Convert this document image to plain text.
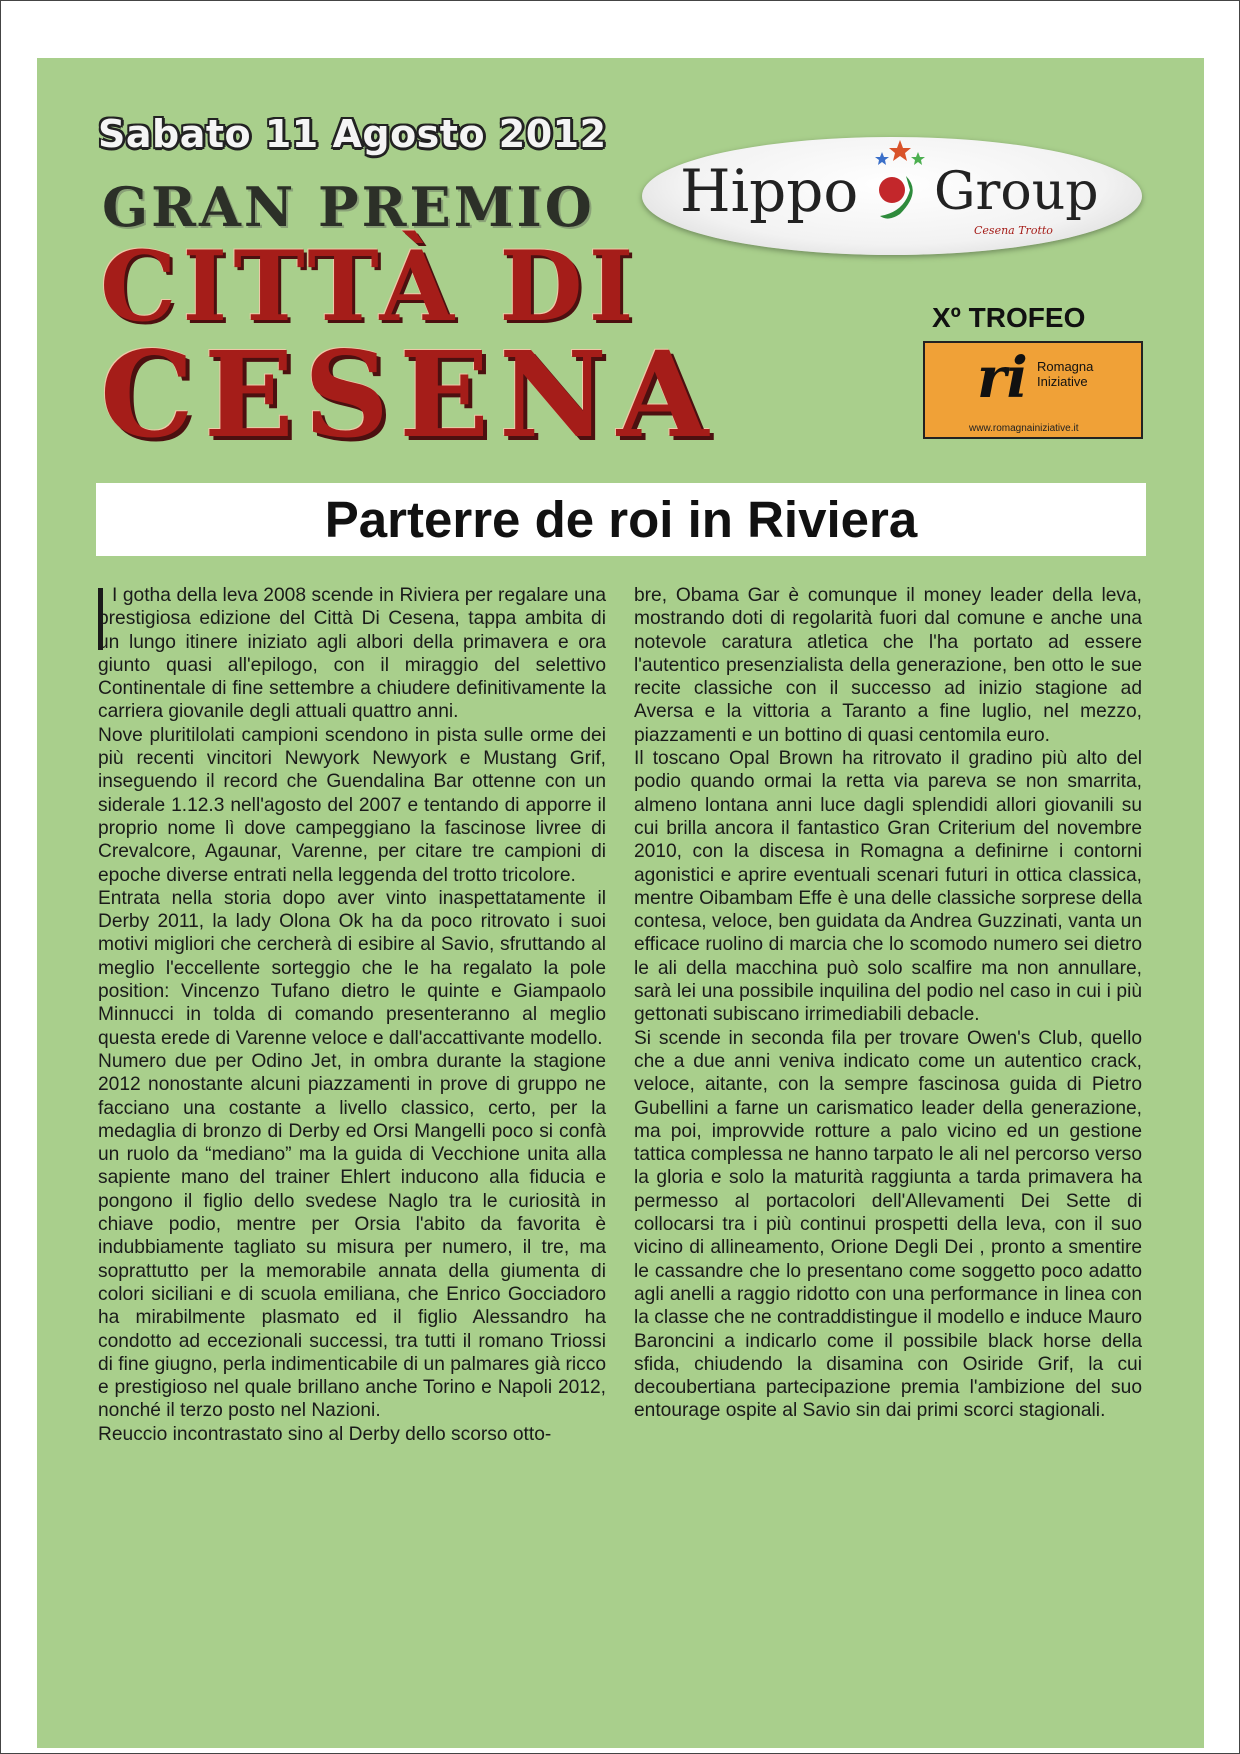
Sabato 11 Agosto 2012
GRAN PREMIO
CITTÀ DI
CESENA
Hippo Group
Cesena Trotto
Xº TROFEO
ri Romagna
Iniziative
www.romagnainiziative.it
Parterre de roi in Riviera

I gotha della leva 2008 scende in Riviera per regalare una prestigiosa edizione del Città Di Cesena, tappa ambita di un lungo itinere iniziato agli albori della primavera e ora giunto quasi all'epilogo, con il miraggio del selettivo Continentale di fine settembre a chiudere definitivamente la carriera giovanile degli attuali quattro anni.

Nove pluritilolati campioni scendono in pista sulle orme dei più recenti vincitori Newyork Newyork e Mustang Grif, inseguendo il record che Guendalina Bar ottenne con un siderale 1.12.3 nell'agosto del 2007 e tentando di apporre il proprio nome lì dove campeggiano la fascinose livree di Crevalcore, Agaunar, Varenne, per citare tre campioni di epoche diverse entrati nella leggenda del trotto tricolore.

Entrata nella storia dopo aver vinto inaspettatamente il Derby 2011, la lady Olona Ok ha da poco ritrovato i suoi motivi migliori che cercherà di esibire al Savio, sfruttando al meglio l'eccellente sorteggio che le ha regalato la pole position: Vincenzo Tufano dietro le quinte e Giampaolo Minnucci in tolda di comando presenteranno al meglio questa erede di Varenne veloce e dall'accattivante modello.

Numero due per Odino Jet, in ombra durante la stagione 2012 nonostante alcuni piazzamenti in prove di gruppo ne facciano una costante a livello classico, certo, per la medaglia di bronzo di Derby ed Orsi Mangelli poco si confà un ruolo da “mediano” ma la guida di Vecchione unita alla sapiente mano del trainer Ehlert inducono alla fiducia e pongono il figlio dello svedese Naglo tra le curiosità in chiave podio, mentre per Orsia l'abito da favorita è indubbiamente tagliato su misura per numero, il tre, ma soprattutto per la memorabile annata della giumenta di colori siciliani e di scuola emiliana, che Enrico Gocciadoro ha mirabilmente plasmato ed il figlio Alessandro ha condotto ad eccezionali successi, tra tutti il romano Triossi di fine giugno, perla indimenticabile di un palmares già ricco e prestigioso nel quale brillano anche Torino e Napoli 2012, nonché il terzo posto nel Nazioni.

Reuccio incontrastato sino al Derby dello scorso otto-

bre, Obama Gar è comunque il money leader della leva, mostrando doti di regolarità fuori dal comune e anche una notevole caratura atletica che l'ha portato ad essere l'autentico presenzialista della generazione, ben otto le sue recite classiche con il successo ad inizio stagione ad Aversa e la vittoria a Taranto a fine luglio, nel mezzo, piazzamenti e un bottino di quasi centomila euro.

Il toscano Opal Brown ha ritrovato il gradino più alto del podio quando ormai la retta via pareva se non smarrita, almeno lontana anni luce dagli splendidi allori giovanili su cui brilla ancora il fantastico Gran Criterium del novembre 2010, con la discesa in Romagna a definirne i contorni agonistici e aprire eventuali scenari futuri in ottica classica, mentre Oibambam Effe è una delle classiche sorprese della contesa, veloce, ben guidata da Andrea Guzzinati, vanta un efficace ruolino di marcia che lo scomodo numero sei dietro le ali della macchina può solo scalfire ma non annullare, sarà lei una possibile inquilina del podio nel caso in cui i più gettonati subiscano irrimediabili debacle.

Si scende in seconda fila per trovare Owen's Club, quello che a due anni veniva indicato come un autentico crack, veloce, aitante, con la sempre fascinosa guida di Pietro Gubellini a farne un carismatico leader della generazione, ma poi, improvvide rotture a palo vicino ed un gestione tattica complessa ne hanno tarpato le ali nel percorso verso la gloria e solo la maturità raggiunta a tarda primavera ha permesso al portacolori dell'Allevamenti Dei Sette di collocarsi tra i più continui prospetti della leva, con il suo vicino di allineamento, Orione Degli Dei , pronto a smentire le cassandre che lo presentano come soggetto poco adatto agli anelli a raggio ridotto con una performance in linea con la classe che ne contraddistingue il modello e induce Mauro Baroncini a indicarlo come il possibile black horse della sfida, chiudendo la disamina con Osiride Grif, la cui decoubertiana partecipazione premia l'ambizione del suo entourage ospite al Savio sin dai primi scorci stagionali.
